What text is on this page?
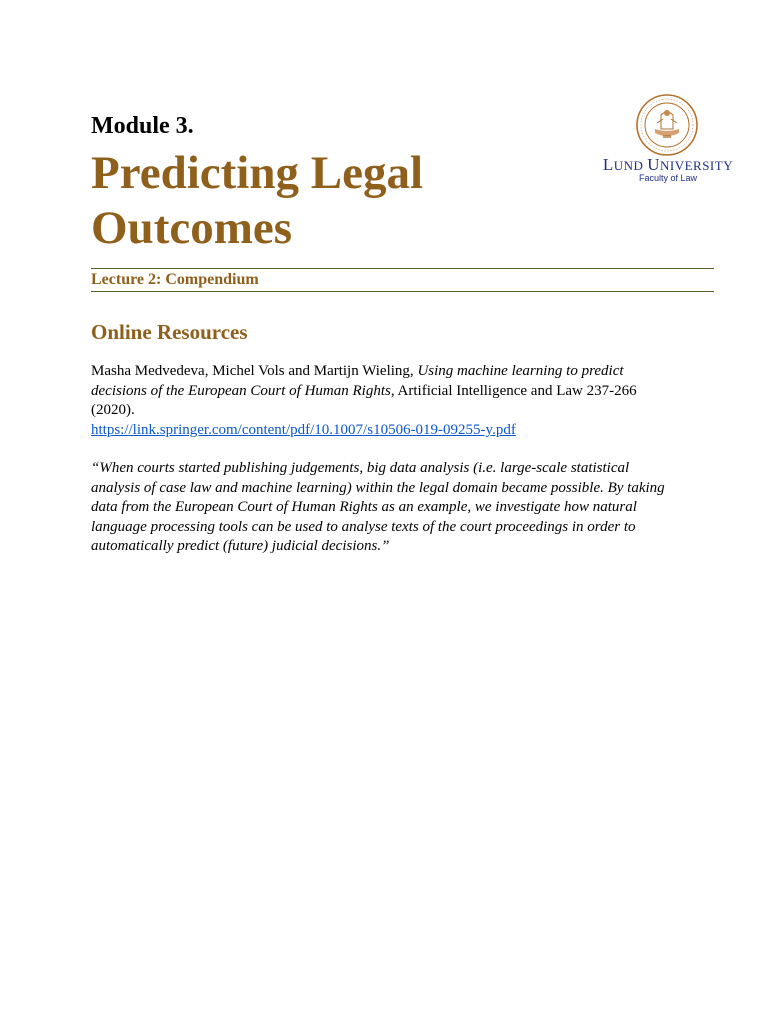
Module 3.
Predicting Legal
Outcomes
LUND UNIVERSITY
Faculty of Law
Lecture 2: Compendium
Online Resources
Masha Medvedeva, Michel Vols and Martijn Wieling, Using machine learning to predict decisions of the European Court of Human Rights, Artificial Intelligence and Law 237-266 (2020).
https://link.springer.com/content/pdf/10.1007/s10506-019-09255-y.pdf
“When courts started publishing judgements, big data analysis (i.e. large-scale statistical analysis of case law and machine learning) within the legal domain became possible. By taking data from the European Court of Human Rights as an example, we investigate how natural language processing tools can be used to analyse texts of the court proceedings in order to automatically predict (future) judicial decisions.”
